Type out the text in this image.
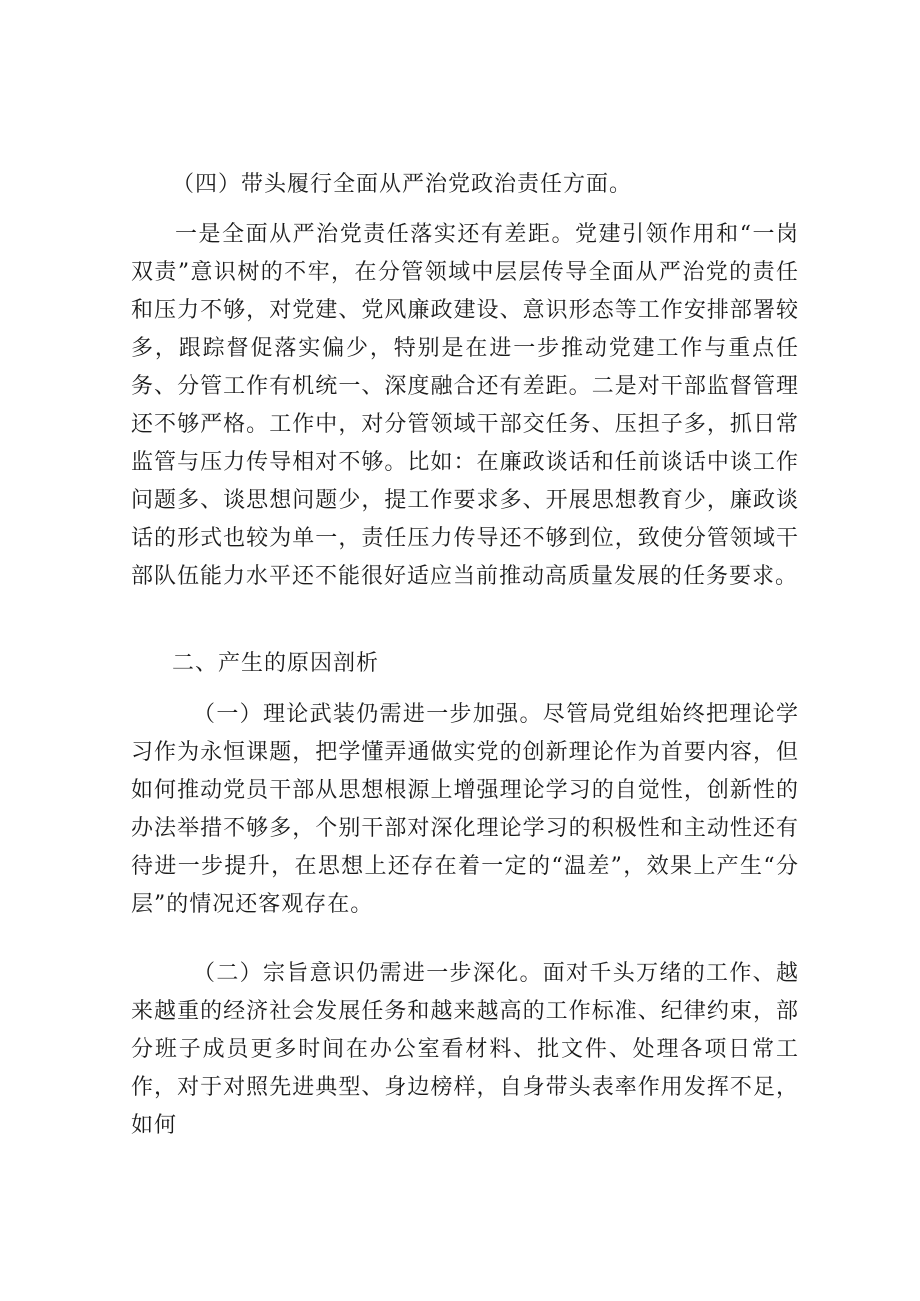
（四）带头履行全面从严治党政治责任方面。

一是全面从严治党责任落实还有差距。党建引领作用和“一岗双责”意识树的不牢，在分管领域中层层传导全面从严治党的责任和压力不够，对党建、党风廉政建设、意识形态等工作安排部署较多，跟踪督促落实偏少，特别是在进一步推动党建工作与重点任务、分管工作有机统一、深度融合还有差距。二是对干部监督管理还不够严格。工作中，对分管领域干部交任务、压担子多，抓日常监管与压力传导相对不够。比如：在廉政谈话和任前谈话中谈工作问题多、谈思想问题少，提工作要求多、开展思想教育少，廉政谈话的形式也较为单一，责任压力传导还不够到位，致使分管领域干部队伍能力水平还不能很好适应当前推动高质量发展的任务要求。

二、产生的原因剖析

（一）理论武装仍需进一步加强。尽管局党组始终把理论学习作为永恒课题，把学懂弄通做实党的创新理论作为首要内容，但如何推动党员干部从思想根源上增强理论学习的自觉性，创新性的办法举措不够多，个别干部对深化理论学习的积极性和主动性还有待进一步提升，在思想上还存在着一定的“温差”，效果上产生“分层”的情况还客观存在。

（二）宗旨意识仍需进一步深化。面对千头万绪的工作、越来越重的经济社会发展任务和越来越高的工作标准、纪律约束，部分班子成员更多时间在办公室看材料、批文件、处理各项日常工作，对于对照先进典型、身边榜样，自身带头表率作用发挥不足，如何
